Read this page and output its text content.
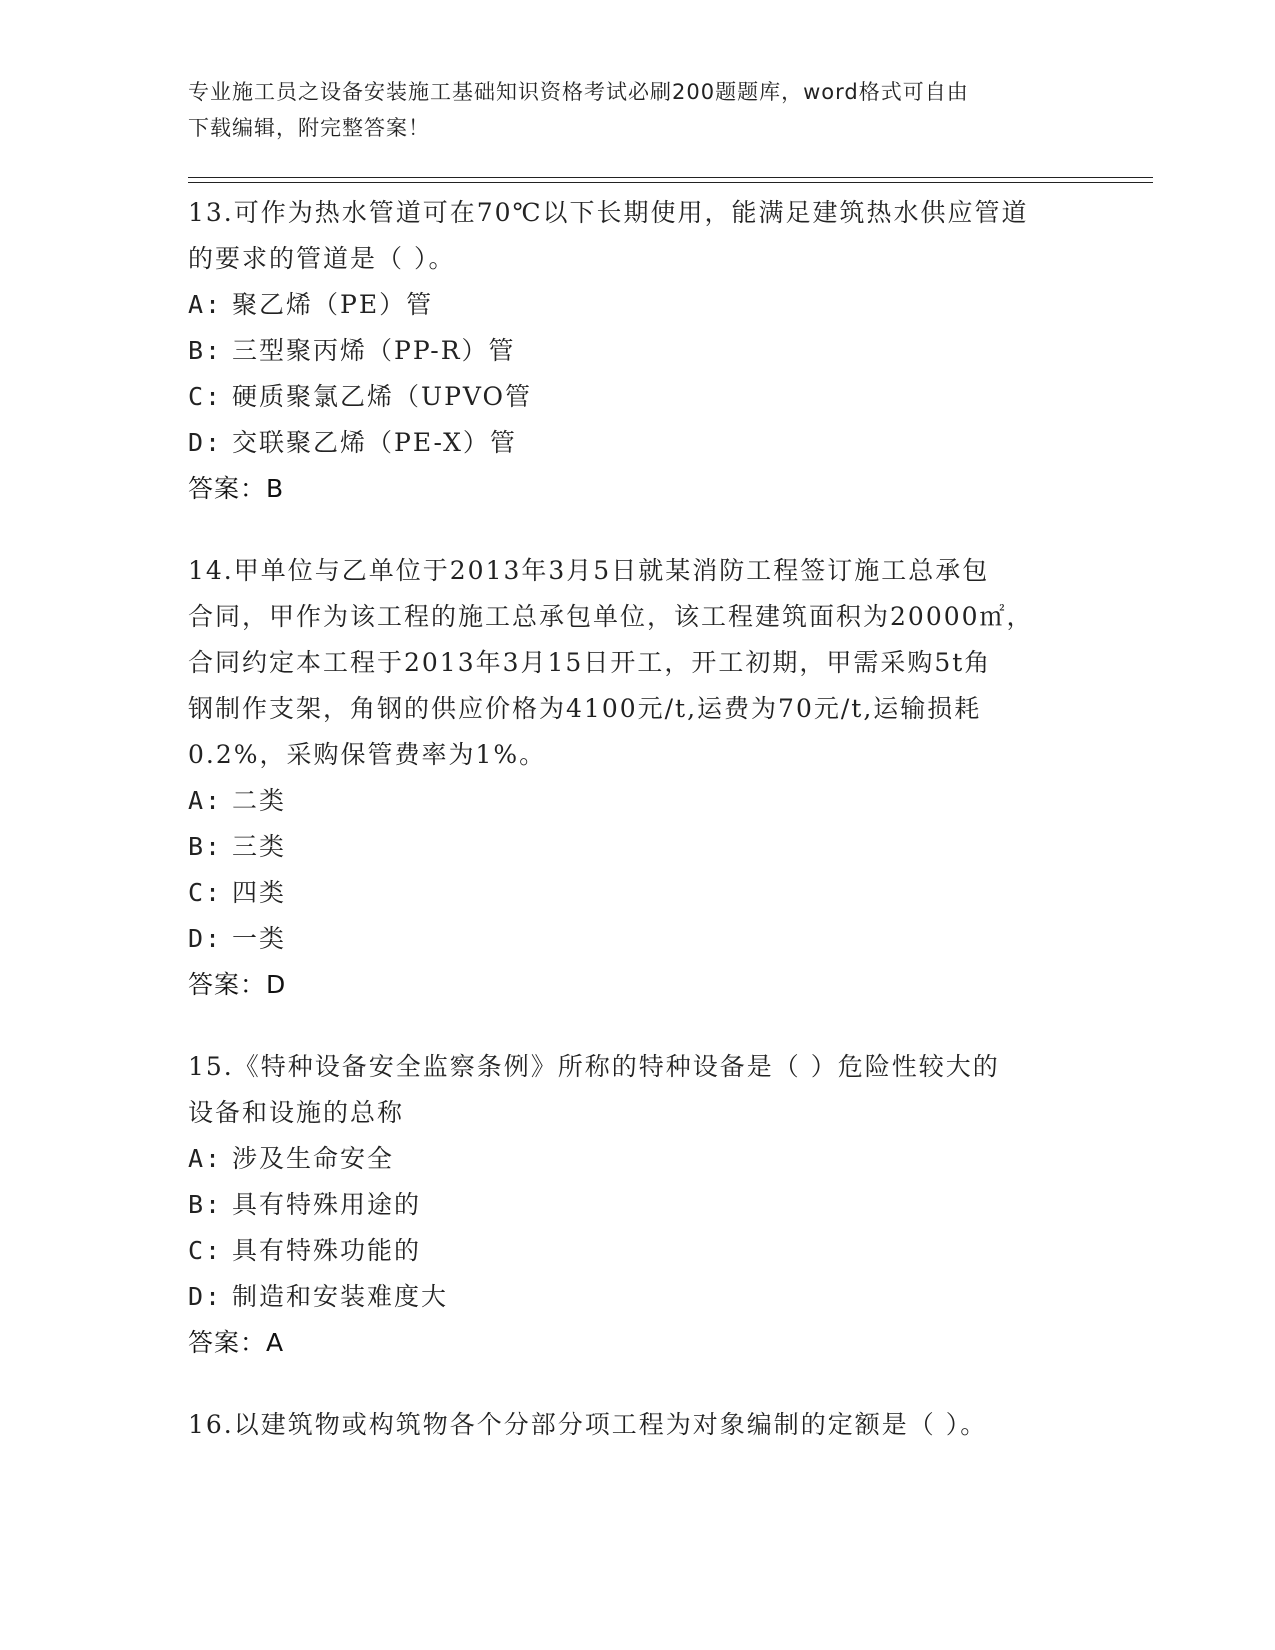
专业施工员之设备安装施工基础知识资格考试必刷200题题库，word格式可自由
下载编辑，附完整答案！

13.可作为热水管道可在70℃以下长期使用，能满足建筑热水供应管道

的要求的管道是（ ）。

A: 聚乙烯（PE）管

B: 三型聚丙烯（PP-R）管

C: 硬质聚氯乙烯（UPVO管

D: 交联聚乙烯（PE-X）管

答案：B

14.甲单位与乙单位于2013年3月5日就某消防工程签订施工总承包

合同，甲作为该工程的施工总承包单位，该工程建筑面积为20000㎡，

合同约定本工程于2013年3月15日开工，开工初期，甲需采购5t角

钢制作支架，角钢的供应价格为4100元/t,运费为70元/t,运输损耗

0.2%，采购保管费率为1%。

A: 二类

B: 三类

C: 四类

D: 一类

答案：D

15.《特种设备安全监察条例》所称的特种设备是（ ）危险性较大的

设备和设施的总称

A: 涉及生命安全

B: 具有特殊用途的

C: 具有特殊功能的

D: 制造和安装难度大

答案：A

16.以建筑物或构筑物各个分部分项工程为对象编制的定额是（ ）。
